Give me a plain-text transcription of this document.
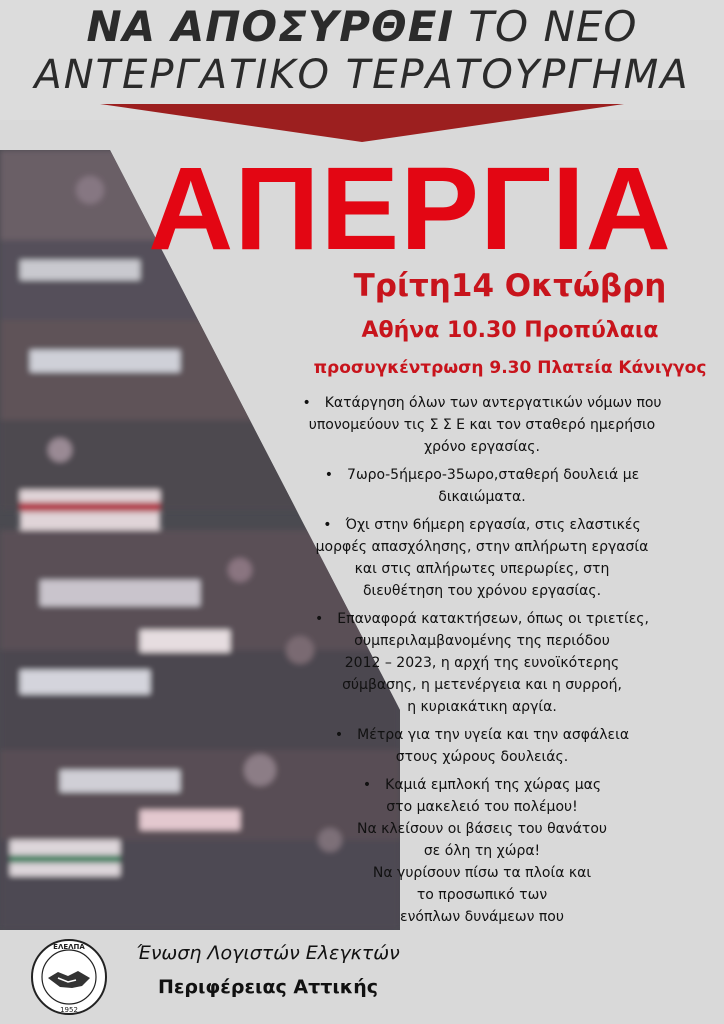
ΝΑ ΑΠΟΣΥΡΘΕΙ ΤΟ ΝΕΟ
ΑΝΤΕΡΓΑΤΙΚΟ ΤΕΡΑΤΟΥΡΓΗΜΑ
ΑΠΕΡΓΙΑ
Τρίτη14 Οκτώβρη
Αθήνα 10.30 Προπύλαια
προσυγκέντρωση 9.30 Πλατεία Κάνιγγος
• Κατάργηση όλων των αντεργατικών νόμων που
υπονομεύουν τις Σ Σ Ε και τον σταθερό ημερήσιο
χρόνο εργασίας.
• 7ωρο-5ήμερο-35ωρο,σταθερή δουλειά με
δικαιώματα.
• Όχι στην 6ήμερη εργασία, στις ελαστικές
μορφές απασχόλησης, στην απλήρωτη εργασία
και στις απλήρωτες υπερωρίες, στη
διευθέτηση του χρόνου εργασίας.
• Επαναφορά κατακτήσεων, όπως οι τριετίες,
συμπεριλαμβανομένης της περιόδου
2012 – 2023, η αρχή της ευνοϊκότερης
σύμβασης, η μετενέργεια και η συρροή,
η κυριακάτικη αργία.
• Μέτρα για την υγεία και την ασφάλεια
στους χώρους δουλειάς.
• Καμιά εμπλοκή της χώρας μας
στο μακελειό του πολέμου!
Να κλείσουν οι βάσεις του θανάτου
σε όλη τη χώρα!
Να γυρίσουν πίσω τα πλοία και
το προσωπικό των
ενόπλων δυνάμεων που
ΕΛΕΛΠΑ
1952
Ένωση Λογιστών Ελεγκτών
Περιφέρειας Αττικής
